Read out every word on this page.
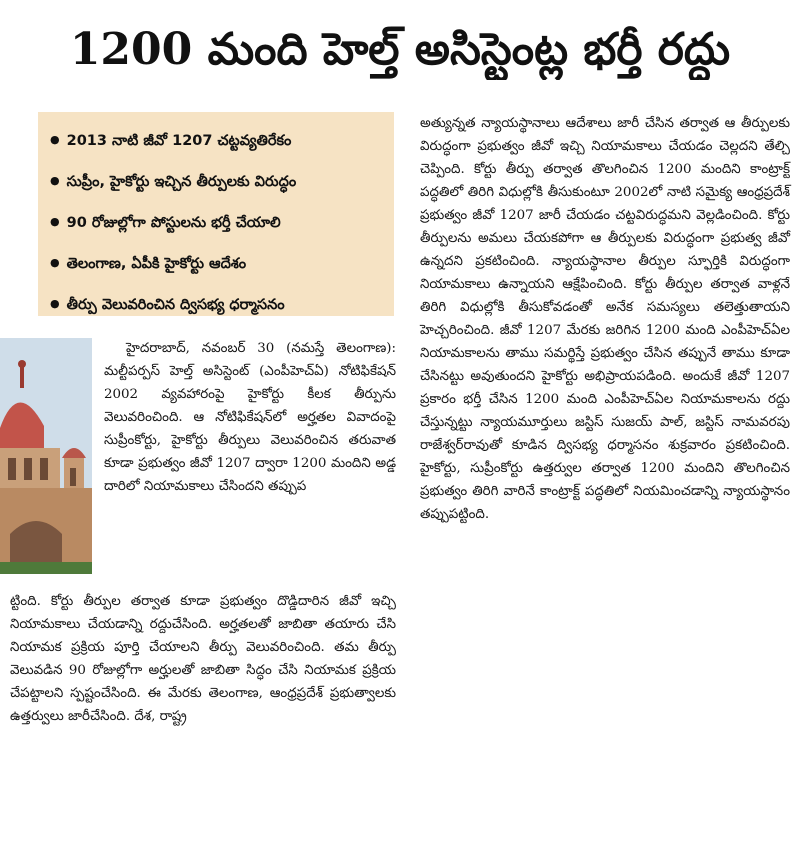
1200 మంది హెల్త్ అసిస్టెంట్ల భర్తీ రద్దు
● 2013 నాటి జీవో 1207 చట్టవ్యతిరేకం
● సుప్రీం, హైకోర్టు ఇచ్చిన తీర్పులకు విరుద్ధం
● 90 రోజుల్లోగా పోస్టులను భర్తీ చేయాలి
● తెలంగాణ, ఏపీకి హైకోర్టు ఆదేశం
● తీర్పు వెలువరించిన ద్విసభ్య ధర్మాసనం

హైదరాబాద్, నవంబర్ 30 (నమస్తే తెలంగాణ): మల్టీపర్పస్ హెల్త్ అసిస్టెంట్ (ఎంపీహెచ్ఏ) నోటిఫికేషన్ 2002 వ్యవహారంపై హైకోర్టు కీలక తీర్పును వెలువరించింది. ఆ నోటిఫికేషన్‌లో అర్హతల వివాదంపై సుప్రీంకోర్టు, హైకోర్టు తీర్పులు వెలువరించిన తరువాత కూడా ప్రభుత్వం జీవో 1207 ద్వారా 1200 మందిని అడ్డ దారిలో నియామకాలు చేసిందని తప్పుప

ట్టింది. కోర్టు తీర్పుల తర్వాత కూడా ప్రభుత్వం దొడ్డిదారిన జీవో ఇచ్చి నియామకాలు చేయడాన్ని రద్దుచేసింది. అర్హతలతో జాబితా తయారు చేసి నియామక ప్రక్రియ పూర్తి చేయాలని తీర్పు వెలువరించింది. తమ తీర్పు వెలువడిన 90 రోజుల్లోగా అర్హులతో జాబితా సిద్ధం చేసి నియామక ప్రక్రియ చేపట్టాలని స్పష్టంచేసింది. ఈ మేరకు తెలంగాణ, ఆంధ్రప్రదేశ్ ప్రభుత్వాలకు ఉత్తర్వులు జారీచేసింది. దేశ, రాష్ట్ర

అత్యున్నత న్యాయస్థానాలు ఆదేశాలు జారీ చేసిన తర్వాత ఆ తీర్పులకు విరుద్ధంగా ప్రభుత్వం జీవో ఇచ్చి నియామకాలు చేయడం చెల్లదని తేల్చి చెప్పింది. కోర్టు తీర్పు తర్వాత తొలగించిన 1200 మందిని కాంట్రాక్ట్ పద్ధతిలో తిరిగి విధుల్లోకి తీసుకుంటూ 2002లో నాటి సమైక్య ఆంధ్రప్రదేశ్ ప్రభుత్వం జీవో 1207 జారీ చేయడం చట్టవిరుద్ధమని వెల్లడించింది. కోర్టు తీర్పులను అమలు చేయకపోగా ఆ తీర్పులకు విరుద్ధంగా ప్రభుత్వ జీవో ఉన్నదని ప్రకటించింది. న్యాయస్థానాల తీర్పుల స్ఫూర్తికి విరుద్ధంగా నియామకాలు ఉన్నాయని ఆక్షేపించింది. కోర్టు తీర్పుల తర్వాత వాళ్లనే తిరిగి విధుల్లోకి తీసుకోవడంతో అనేక సమస్యలు తలెత్తుతాయని హెచ్చరించింది. జీవో 1207 మేరకు జరిగిన 1200 మంది ఎంపీహెచ్ఏల నియామకాలను తాము సమర్థిస్తే ప్రభుత్వం చేసిన తప్పునే తాము కూడా చేసినట్టు అవుతుందని హైకోర్టు అభిప్రాయపడింది. అందుకే జీవో 1207 ప్రకారం భర్తీ చేసిన 1200 మంది ఎంపీహెచ్ఏల నియామకాలను రద్దు చేస్తున్నట్టు న్యాయమూర్తులు జస్టిస్ సుజయ్ పాల్, జస్టిస్ నామవరపు రాజేశ్వర్‌రావుతో కూడిన ద్విసభ్య ధర్మాసనం శుక్రవారం ప్రకటించింది. హైకోర్టు, సుప్రీంకోర్టు ఉత్తర్వుల తర్వాత 1200 మందిని తొలగించిన ప్రభుత్వం తిరిగి వారినే కాంట్రాక్ట్ పద్ధతిలో నియమించడాన్ని న్యాయస్థానం తప్పుపట్టింది.
